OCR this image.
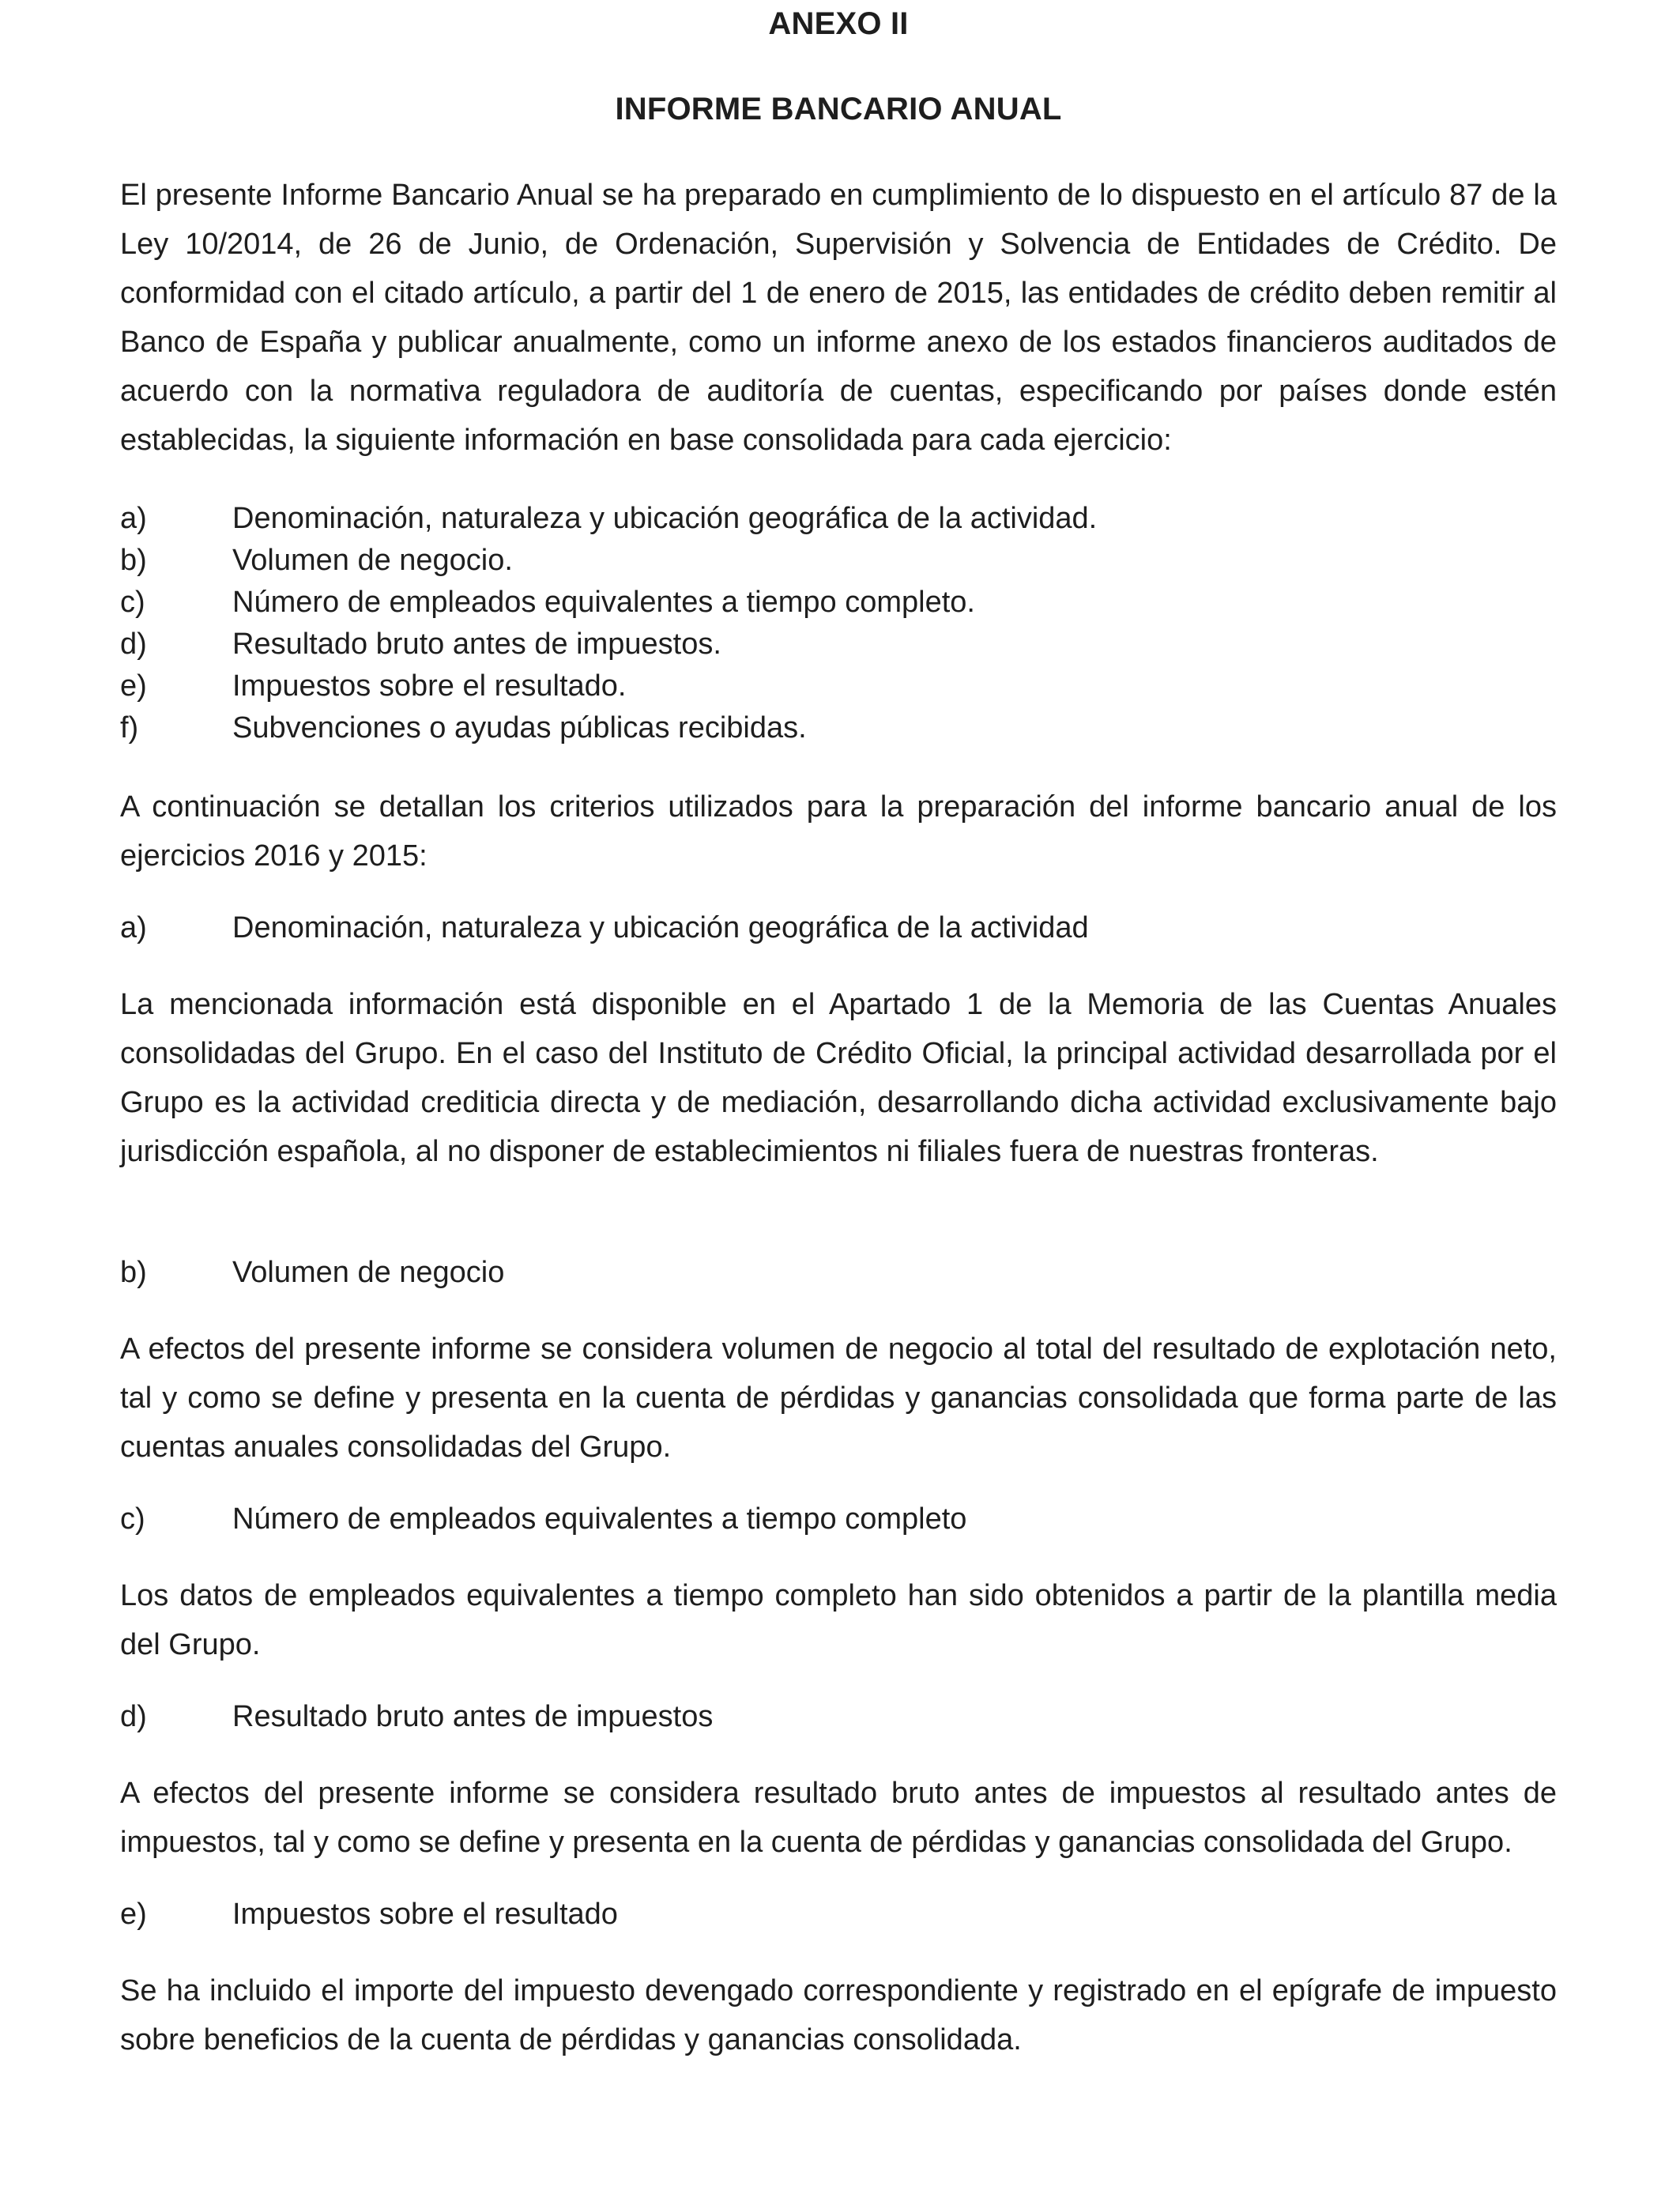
ANEXO II
INFORME BANCARIO ANUAL

El presente Informe Bancario Anual se ha preparado en cumplimiento de lo dispuesto en el artículo 87 de la Ley 10/2014, de 26 de Junio, de Ordenación, Supervisión y Solvencia de Entidades de Crédito. De conformidad con el citado artículo, a partir del 1 de enero de 2015, las entidades de crédito deben remitir al Banco de España y publicar anualmente, como un informe anexo de los estados financieros auditados de acuerdo con la normativa reguladora de auditoría de cuentas, especificando por países donde estén establecidas, la siguiente información en base consolidada para cada ejercicio:

a)	Denominación, naturaleza y ubicación geográfica de la actividad.
b)	Volumen de negocio.
c)	Número de empleados equivalentes a tiempo completo.
d)	Resultado bruto antes de impuestos.
e)	Impuestos sobre el resultado.
f)	Subvenciones o ayudas públicas recibidas.

A continuación se detallan los criterios utilizados para la preparación del informe bancario anual de los ejercicios 2016 y 2015:

a)	Denominación, naturaleza y ubicación geográfica de la actividad

La mencionada información está disponible en el Apartado 1 de la Memoria de las Cuentas Anuales consolidadas del Grupo. En el caso del Instituto de Crédito Oficial, la principal actividad desarrollada por el Grupo es la actividad crediticia directa y de mediación, desarrollando dicha actividad exclusivamente bajo jurisdicción española, al no disponer de establecimientos ni filiales fuera de nuestras fronteras.

b)	Volumen de negocio

A efectos del presente informe se considera volumen de negocio al total del resultado de explotación neto, tal y como se define y presenta en la cuenta de pérdidas y ganancias consolidada que forma parte de las cuentas anuales consolidadas del Grupo.

c)	Número de empleados equivalentes a tiempo completo

Los datos de empleados equivalentes a tiempo completo han sido obtenidos a partir de la plantilla media del Grupo.

d)	Resultado bruto antes de impuestos

A efectos del presente informe se considera resultado bruto antes de impuestos al resultado antes de impuestos, tal y como se define y presenta en la cuenta de pérdidas y ganancias consolidada del Grupo.

e)	Impuestos sobre el resultado

Se ha incluido el importe del impuesto devengado correspondiente y registrado en el epígrafe de impuesto sobre beneficios de la cuenta de pérdidas y ganancias consolidada.
